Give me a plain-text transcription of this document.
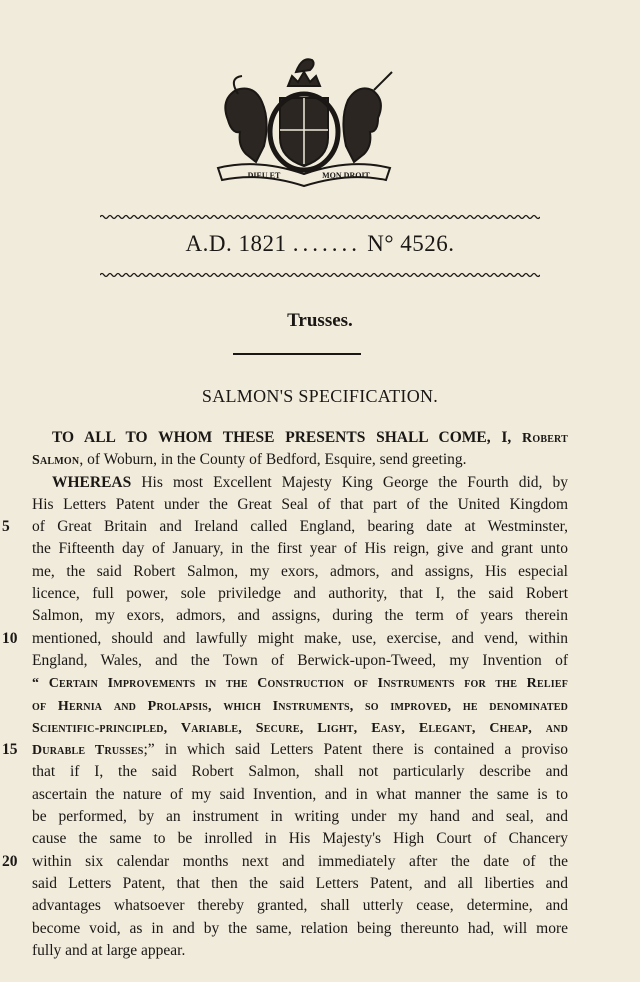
DIEU ET	MON DROIT
A.D. 1821 ....... N° 4526.
Trusses.
SALMON'S SPECIFICATION.
TO ALL TO WHOM THESE PRESENTS SHALL COME, I, Robert
Salmon, of Woburn, in the County of Bedford, Esquire, send greeting.
WHEREAS His most Excellent Majesty King George the Fourth did, by
His Letters Patent under the Great Seal of that part of the United Kingdom
5	of Great Britain and Ireland called England, bearing date at Westminster,
the Fifteenth day of January, in the first year of His reign, give and grant unto
me, the said Robert Salmon, my exors, admors, and assigns, His especial
licence, full power, sole priviledge and authority, that I, the said Robert
Salmon, my exors, admors, and assigns, during the term of years therein
10 mentioned, should and lawfully might make, use, exercise, and vend, within
England, Wales, and the Town of Berwick-upon-Tweed, my Invention of
“ Certain Improvements in the Construction of Instruments for the Relief
of Hernia and Prolapsis, which Instruments, so improved, he denominated
Scientific-principled, Variable, Secure, Light, Easy, Elegant, Cheap, and
15	Durable Trusses;” in which said Letters Patent there is contained a proviso
that if I, the said Robert Salmon, shall not particularly describe and
ascertain the nature of my said Invention, and in what manner the same is to
be performed, by an instrument in writing under my hand and seal, and
cause the same to be inrolled in His Majesty's High Court of Chancery
20 within six calendar months next and immediately after the date of the
said Letters Patent, that then the said Letters Patent, and all liberties and
advantages whatsoever thereby granted, shall utterly cease, determine, and
become void, as in and by the same, relation being thereunto had, will more
fully and at large appear.
